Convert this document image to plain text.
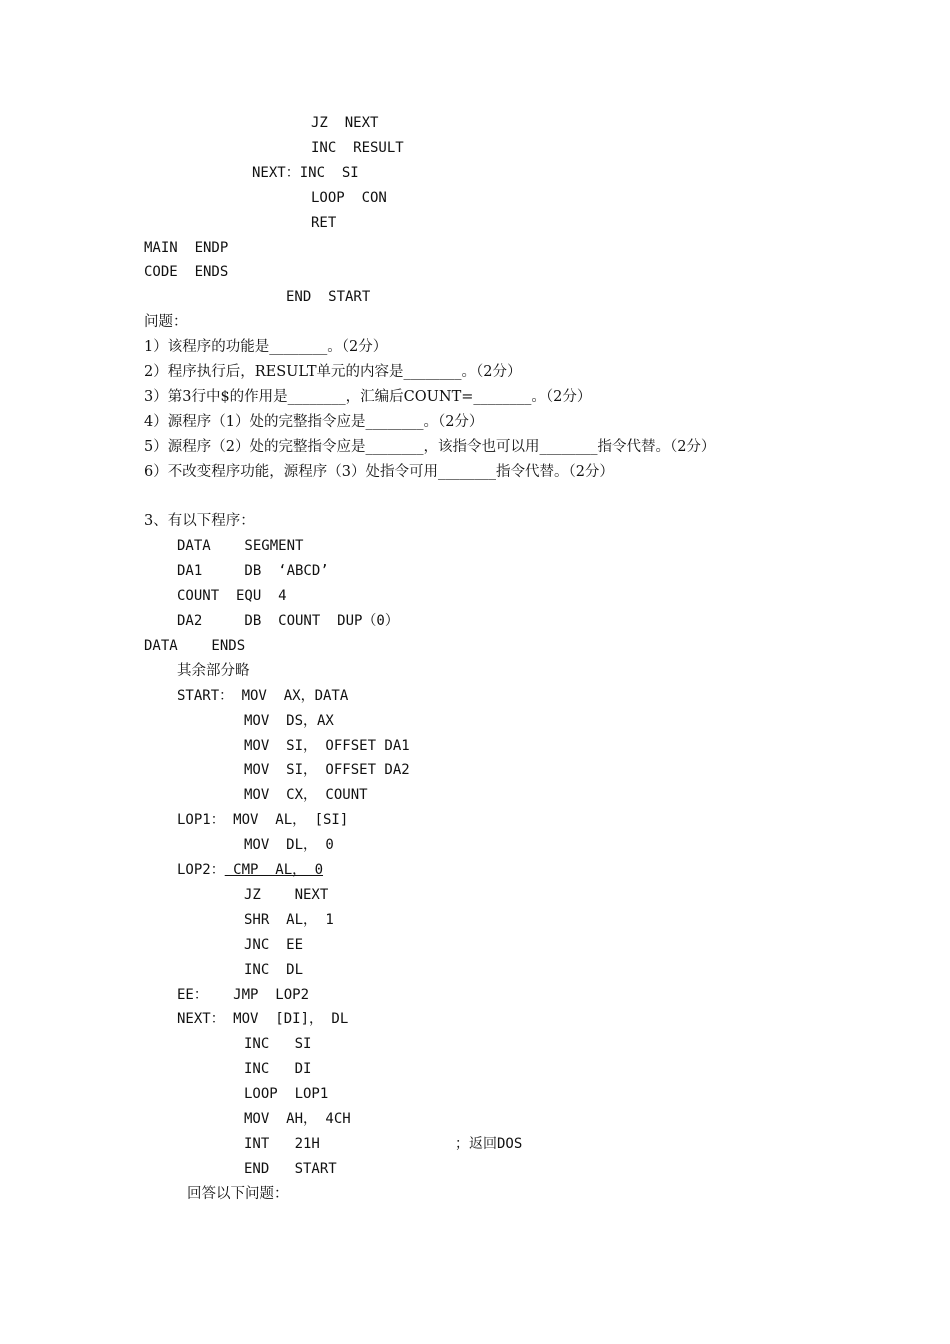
问题：
3、有以下程序：
回答以下问题：
JZ  NEXT
INC  RESULT
NEXT：INC  SI
LOOP  CON
RET
MAIN  ENDP
CODE  ENDS
END  START
1）该程序的功能是________。（2分）
2）程序执行后，RESULT单元的内容是________。（2分）
3）第3行中$的作用是________，汇编后COUNT=________。（2分）
4）源程序（1）处的完整指令应是________。（2分）
5）源程序（2）处的完整指令应是________，该指令也可以用________指令代替。（2分）
6）不改变程序功能，源程序（3）处指令可用________指令代替。（2分）
DATA    SEGMENT
DA1     DB  ‘ABCD’
COUNT  EQU  4
DA2     DB  COUNT  DUP（0）
DATA    ENDS
其余部分略
START： MOV  AX，DATA
MOV  DS，AX
MOV  SI， OFFSET DA1
MOV  SI， OFFSET DA2
MOV  CX， COUNT
LOP1： MOV  AL， [SI]
MOV  DL， 0
LOP2： CMP  AL， 0
JZ    NEXT
SHR  AL， 1
JNC  EE
INC  DL
EE：   JMP  LOP2
NEXT： MOV  [DI]， DL
INC   SI
INC   DI
LOOP  LOP1
MOV  AH， 4CH
INT   21H	；返回DOS
END   START
